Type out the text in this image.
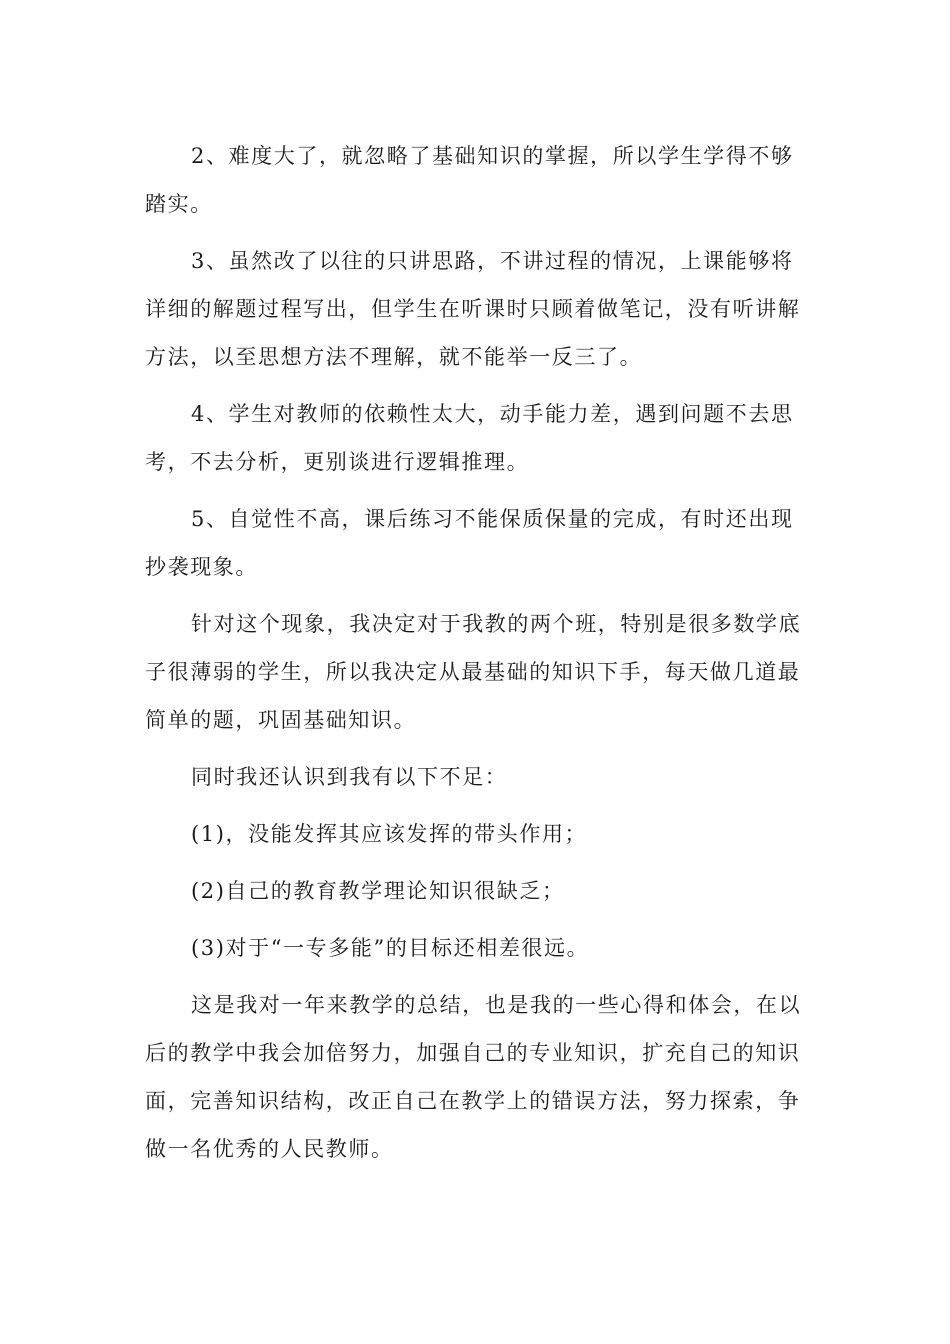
2、难度大了，就忽略了基础知识的掌握，所以学生学得不够踏实。

3、虽然改了以往的只讲思路，不讲过程的情况，上课能够将详细的解题过程写出，但学生在听课时只顾着做笔记，没有听讲解方法，以至思想方法不理解，就不能举一反三了。

4、学生对教师的依赖性太大，动手能力差，遇到问题不去思考，不去分析，更别谈进行逻辑推理。

5、自觉性不高，课后练习不能保质保量的完成，有时还出现抄袭现象。

针对这个现象，我决定对于我教的两个班，特别是很多数学底子很薄弱的学生，所以我决定从最基础的知识下手，每天做几道最简单的题，巩固基础知识。

同时我还认识到我有以下不足：

(1)，没能发挥其应该发挥的带头作用；

(2)自己的教育教学理论知识很缺乏；

(3)对于“一专多能”的目标还相差很远。

这是我对一年来教学的总结，也是我的一些心得和体会，在以后的教学中我会加倍努力，加强自己的专业知识，扩充自己的知识面，完善知识结构，改正自己在教学上的错误方法，努力探索，争做一名优秀的人民教师。
